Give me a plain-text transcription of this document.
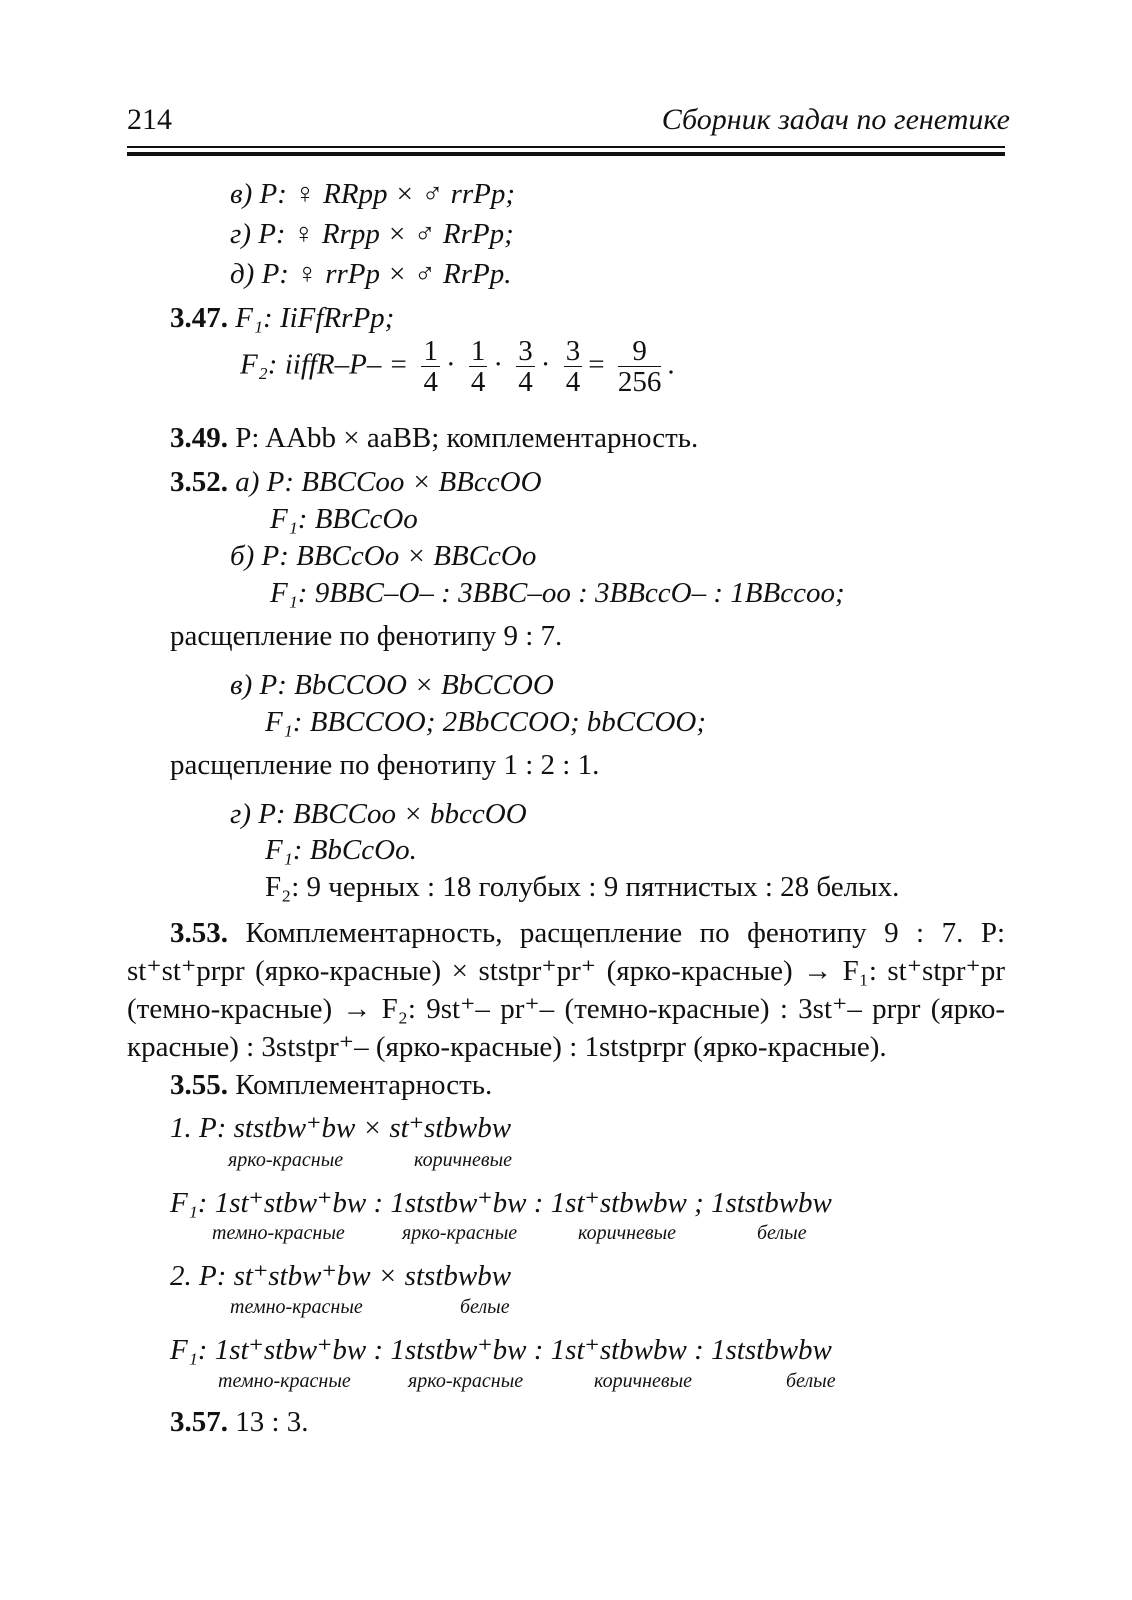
214	Сборник задач по генетике
в) P: ♀ RRpp × ♂ rrPp;
г) P: ♀ Rrpp × ♂ RrPp;
д) P: ♀ rrPp × ♂ RrPp.
3.47. F₁: IiFfRrPp;
F₂: iiffR–P– = $\frac{1}{4} \cdot \frac{1}{4} \cdot \frac{3}{4} \cdot \frac{3}{4} = \frac{9}{256}$ .
3.49. P: AAbb × aaBB; комплементарность.
3.52. а) P: BBCCoo × BBccOO
F₁: BBCcOo
б) P: BBCcOo × BBCcOo
F₁: 9BBC–O– : 3BBC–oo : 3BBccO– : 1BBccoo;
расщепление по фенотипу 9 : 7.
в) P: BbCCOO × BbCCOO
F₁: BBCCOO; 2BbCCOO; bbCCOO;
расщепление по фенотипу 1 : 2 : 1.
г) P: BBCCoo × bbccOO
F₁: BbCcOo.
F₂: 9 черных : 18 голубых : 9 пятнистых : 28 белых.
3.53. Комплементарность, расщепление по фенотипу 9 : 7. P: st⁺st⁺prpr (ярко-красные) × ststpr⁺pr⁺ (ярко-красные) → F₁: st⁺stpr⁺pr (темно-красные) → F₂: 9st⁺– pr⁺– (темно-красные) : 3st⁺– prpr (ярко-красные) : 3ststpr⁺– (ярко-красные) : 1ststprpr (ярко-красные).
3.55. Комплементарность.
1. P: ststbw⁺bw × st⁺stbwbw
ярко-красные	коричневые
F₁: 1st⁺stbw⁺bw : 1ststbw⁺bw : 1st⁺stbwbw ; 1ststbwbw
темно-красные	ярко-красные	коричневые	белые
2. P: st⁺stbw⁺bw × ststbwbw
темно-красные	белые
F₁: 1st⁺stbw⁺bw : 1ststbw⁺bw : 1st⁺stbwbw : 1ststbwbw
темно-красные	ярко-красные	коричневые	белые
3.57. 13 : 3.
